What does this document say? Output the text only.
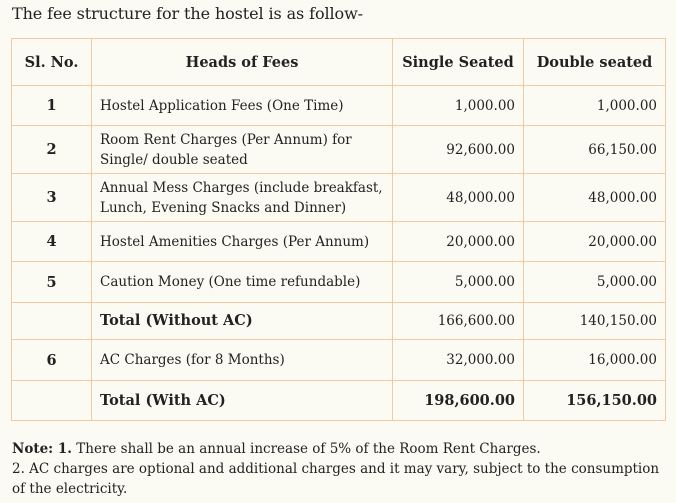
The fee structure for the hostel is as follow-
Sl. No.	Heads of Fees	Single Seated	Double seated
1	Hostel Application Fees (One Time)	1,000.00	1,000.00
2	Room Rent Charges (Per Annum) for Single/ double seated	92,600.00	66,150.00
3	Annual Mess Charges (include breakfast, Lunch, Evening Snacks and Dinner)	48,000.00	48,000.00
4	Hostel Amenities Charges (Per Annum)	20,000.00	20,000.00
5	Caution Money (One time refundable)	5,000.00	5,000.00
	Total (Without AC)	166,600.00	140,150.00
6	AC Charges (for 8 Months)	32,000.00	16,000.00
	Total (With AC)	198,600.00	156,150.00
Note: 1. There shall be an annual increase of 5% of the Room Rent Charges.
2. AC charges are optional and additional charges and it may vary, subject to the consumption of the electricity.
